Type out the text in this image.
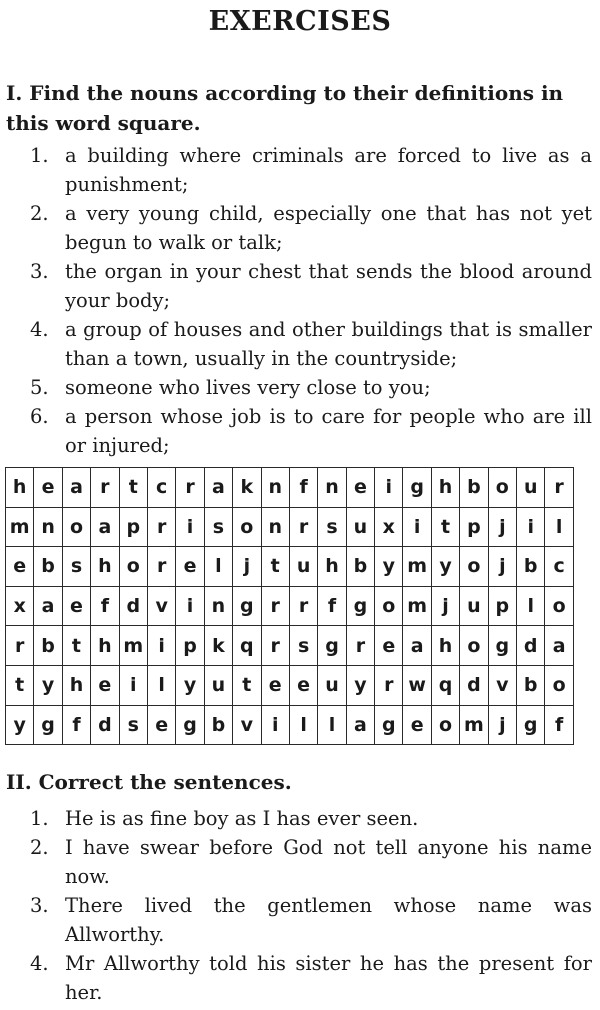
EXERCISES
I. Find the nouns according to their definitions in this word square.
1. a building where criminals are forced to live as a punishment;
2. a very young child, especially one that has not yet begun to walk or talk;
3. the organ in your chest that sends the blood around your body;
4. a group of houses and other buildings that is smaller than a town, usually in the countryside;
5. someone who lives very close to you;
6. a person whose job is to care for people who are ill or injured;
h	e	a	r	t	c	r	a	k	n	f	n	e	i	g	h	b	o	u	r
m	n	o	a	p	r	i	s	o	n	r	s	u	x	i	t	p	j	i	l
e	b	s	h	o	r	e	l	j	t	u	h	b	y	m	y	o	j	b	c
x	a	e	f	d	v	i	n	g	r	r	f	g	o	m	j	u	p	l	o
r	b	t	h	m	i	p	k	q	r	s	g	r	e	a	h	o	g	d	a
t	y	h	e	i	l	y	u	t	e	e	u	y	r	w	q	d	v	b	o
y	g	f	d	s	e	g	b	v	i	l	l	a	g	e	o	m	j	g	f
II. Correct the sentences.
1. He is as fine boy as I has ever seen.
2. I have swear before God not tell anyone his name now.
3. There lived the gentlemen whose name was Allworthy.
4. Mr Allworthy told his sister he has the present for her.
